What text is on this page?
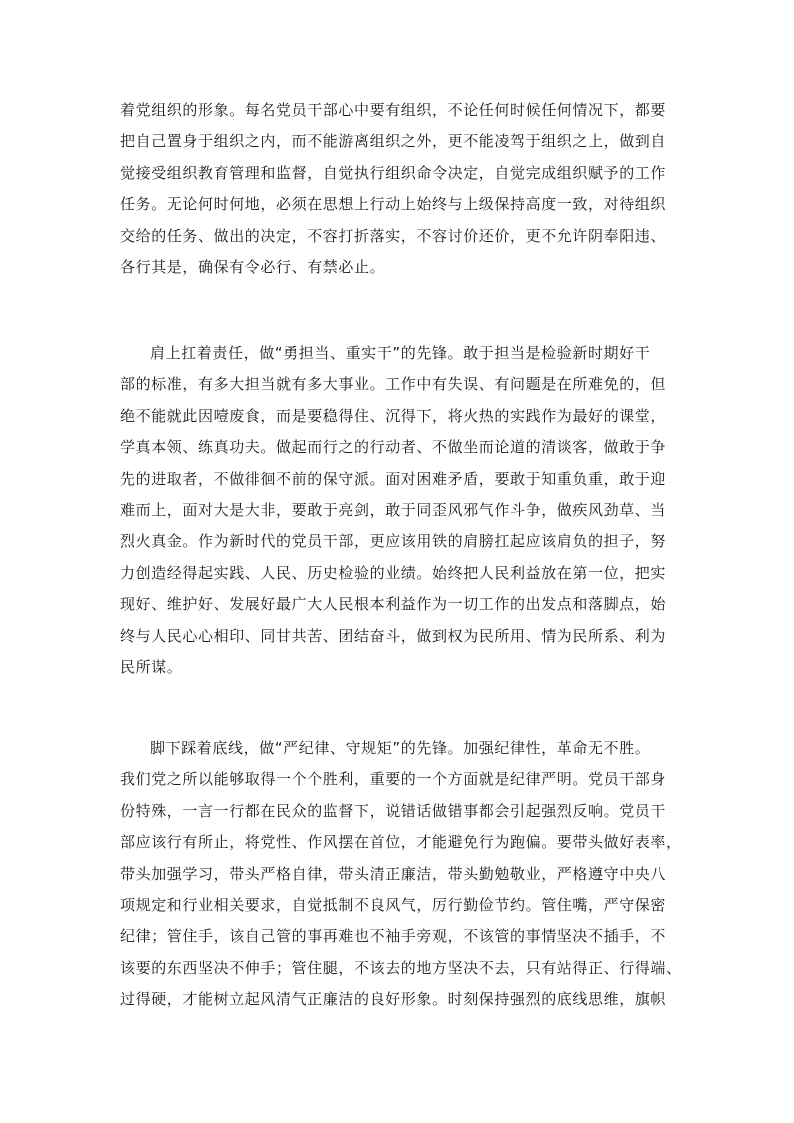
着党组织的形象。每名党员干部心中要有组织，不论任何时候任何情况下，都要
把自己置身于组织之内，而不能游离组织之外，更不能凌驾于组织之上，做到自
觉接受组织教育管理和监督，自觉执行组织命令决定，自觉完成组织赋予的工作
任务。无论何时何地，必须在思想上行动上始终与上级保持高度一致，对待组织
交给的任务、做出的决定，不容打折落实，不容讨价还价，更不允许阴奉阳违、
各行其是，确保有令必行、有禁必止。
肩上扛着责任，做“勇担当、重实干”的先锋。敢于担当是检验新时期好干
部的标准，有多大担当就有多大事业。工作中有失误、有问题是在所难免的，但
绝不能就此因噎废食，而是要稳得住、沉得下，将火热的实践作为最好的课堂，
学真本领、练真功夫。做起而行之的行动者、不做坐而论道的清谈客，做敢于争
先的进取者，不做徘徊不前的保守派。面对困难矛盾，要敢于知重负重，敢于迎
难而上，面对大是大非，要敢于亮剑，敢于同歪风邪气作斗争，做疾风劲草、当
烈火真金。作为新时代的党员干部，更应该用铁的肩膀扛起应该肩负的担子，努
力创造经得起实践、人民、历史检验的业绩。始终把人民利益放在第一位，把实
现好、维护好、发展好最广大人民根本利益作为一切工作的出发点和落脚点，始
终与人民心心相印、同甘共苦、团结奋斗，做到权为民所用、情为民所系、利为
民所谋。
脚下踩着底线，做“严纪律、守规矩”的先锋。加强纪律性，革命无不胜。
我们党之所以能够取得一个个胜利，重要的一个方面就是纪律严明。党员干部身
份特殊，一言一行都在民众的监督下，说错话做错事都会引起强烈反响。党员干
部应该行有所止，将党性、作风摆在首位，才能避免行为跑偏。要带头做好表率，
带头加强学习，带头严格自律，带头清正廉洁，带头勤勉敬业，严格遵守中央八
项规定和行业相关要求，自觉抵制不良风气，厉行勤俭节约。管住嘴，严守保密
纪律；管住手，该自己管的事再难也不袖手旁观，不该管的事情坚决不插手，不
该要的东西坚决不伸手；管住腿，不该去的地方坚决不去，只有站得正、行得端、
过得硬，才能树立起风清气正廉洁的良好形象。时刻保持强烈的底线思维，旗帜
